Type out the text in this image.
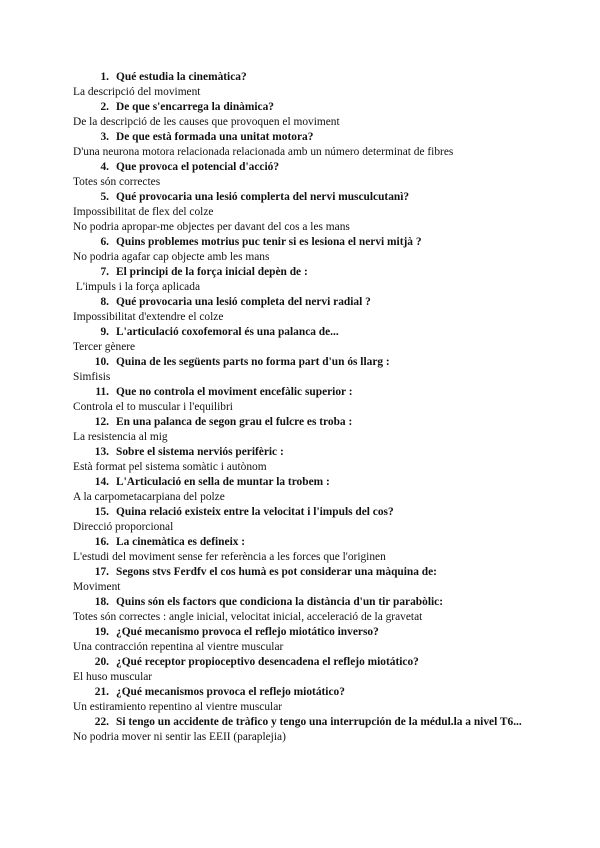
1. Qué estudia la cinemàtica?
La descripció del moviment
2. De que s'encarrega la dinàmica?
De la descripció de les causes que provoquen el moviment
3. De que està formada una unitat motora?
D'una neurona motora relacionada relacionada amb un número determinat de fibres
4. Que provoca el potencial d'acció?
Totes són correctes
5. Qué provocaria una lesió complerta del nervi musculcutanì?
Impossibilitat de flex del colze
No podria apropar-me objectes per davant del cos a les mans
6. Quins problemes motrius puc tenir si es lesiona el nervi mitjà ?
No podria agafar cap objecte amb les mans
7. El principi de la força inicial depèn de :
L'impuls i la força aplicada
8. Qué provocaria una lesió completa del nervi radial ?
Impossibilitat d'extendre el colze
9. L'articulació coxofemoral és una palanca de...
Tercer gènere
10. Quina de les següents parts no forma part d'un ós llarg :
Simfisis
11. Que no controla el moviment encefàlic superior :
Controla el to muscular i l'equilibri
12. En una palanca de segon grau el fulcre es troba :
La resistencia al mig
13. Sobre el sistema nerviós perifèric :
Està format pel sistema somàtic i autònom
14. L'Articulació en sella de muntar la trobem :
A la carpometacarpiana del polze
15. Quina relació existeix entre la velocitat i l'impuls del cos?
Direcció proporcional
16. La cinemàtica es defineix :
L'estudi del moviment sense fer referència a les forces que l'originen
17. Segons stvs Ferdfv el cos humà es pot considerar una màquina de:
Moviment
18. Quins són els factors que condiciona la distància d'un tir parabòlic:
Totes són correctes : angle inicial, velocitat inicial, acceleració de la gravetat
19. ¿Qué mecanismo provoca el reflejo miotático inverso?
Una contracción repentina al vientre muscular
20. ¿Qué receptor propioceptivo desencadena el reflejo miotático?
El huso muscular
21. ¿Qué mecanismos provoca el reflejo miotático?
Un estiramiento repentino al vientre muscular
22. Si tengo un accidente de tràfico y tengo una interrupción de la médul.la a nivel T6...
No podria mover ni sentir las EEII (paraplejia)
